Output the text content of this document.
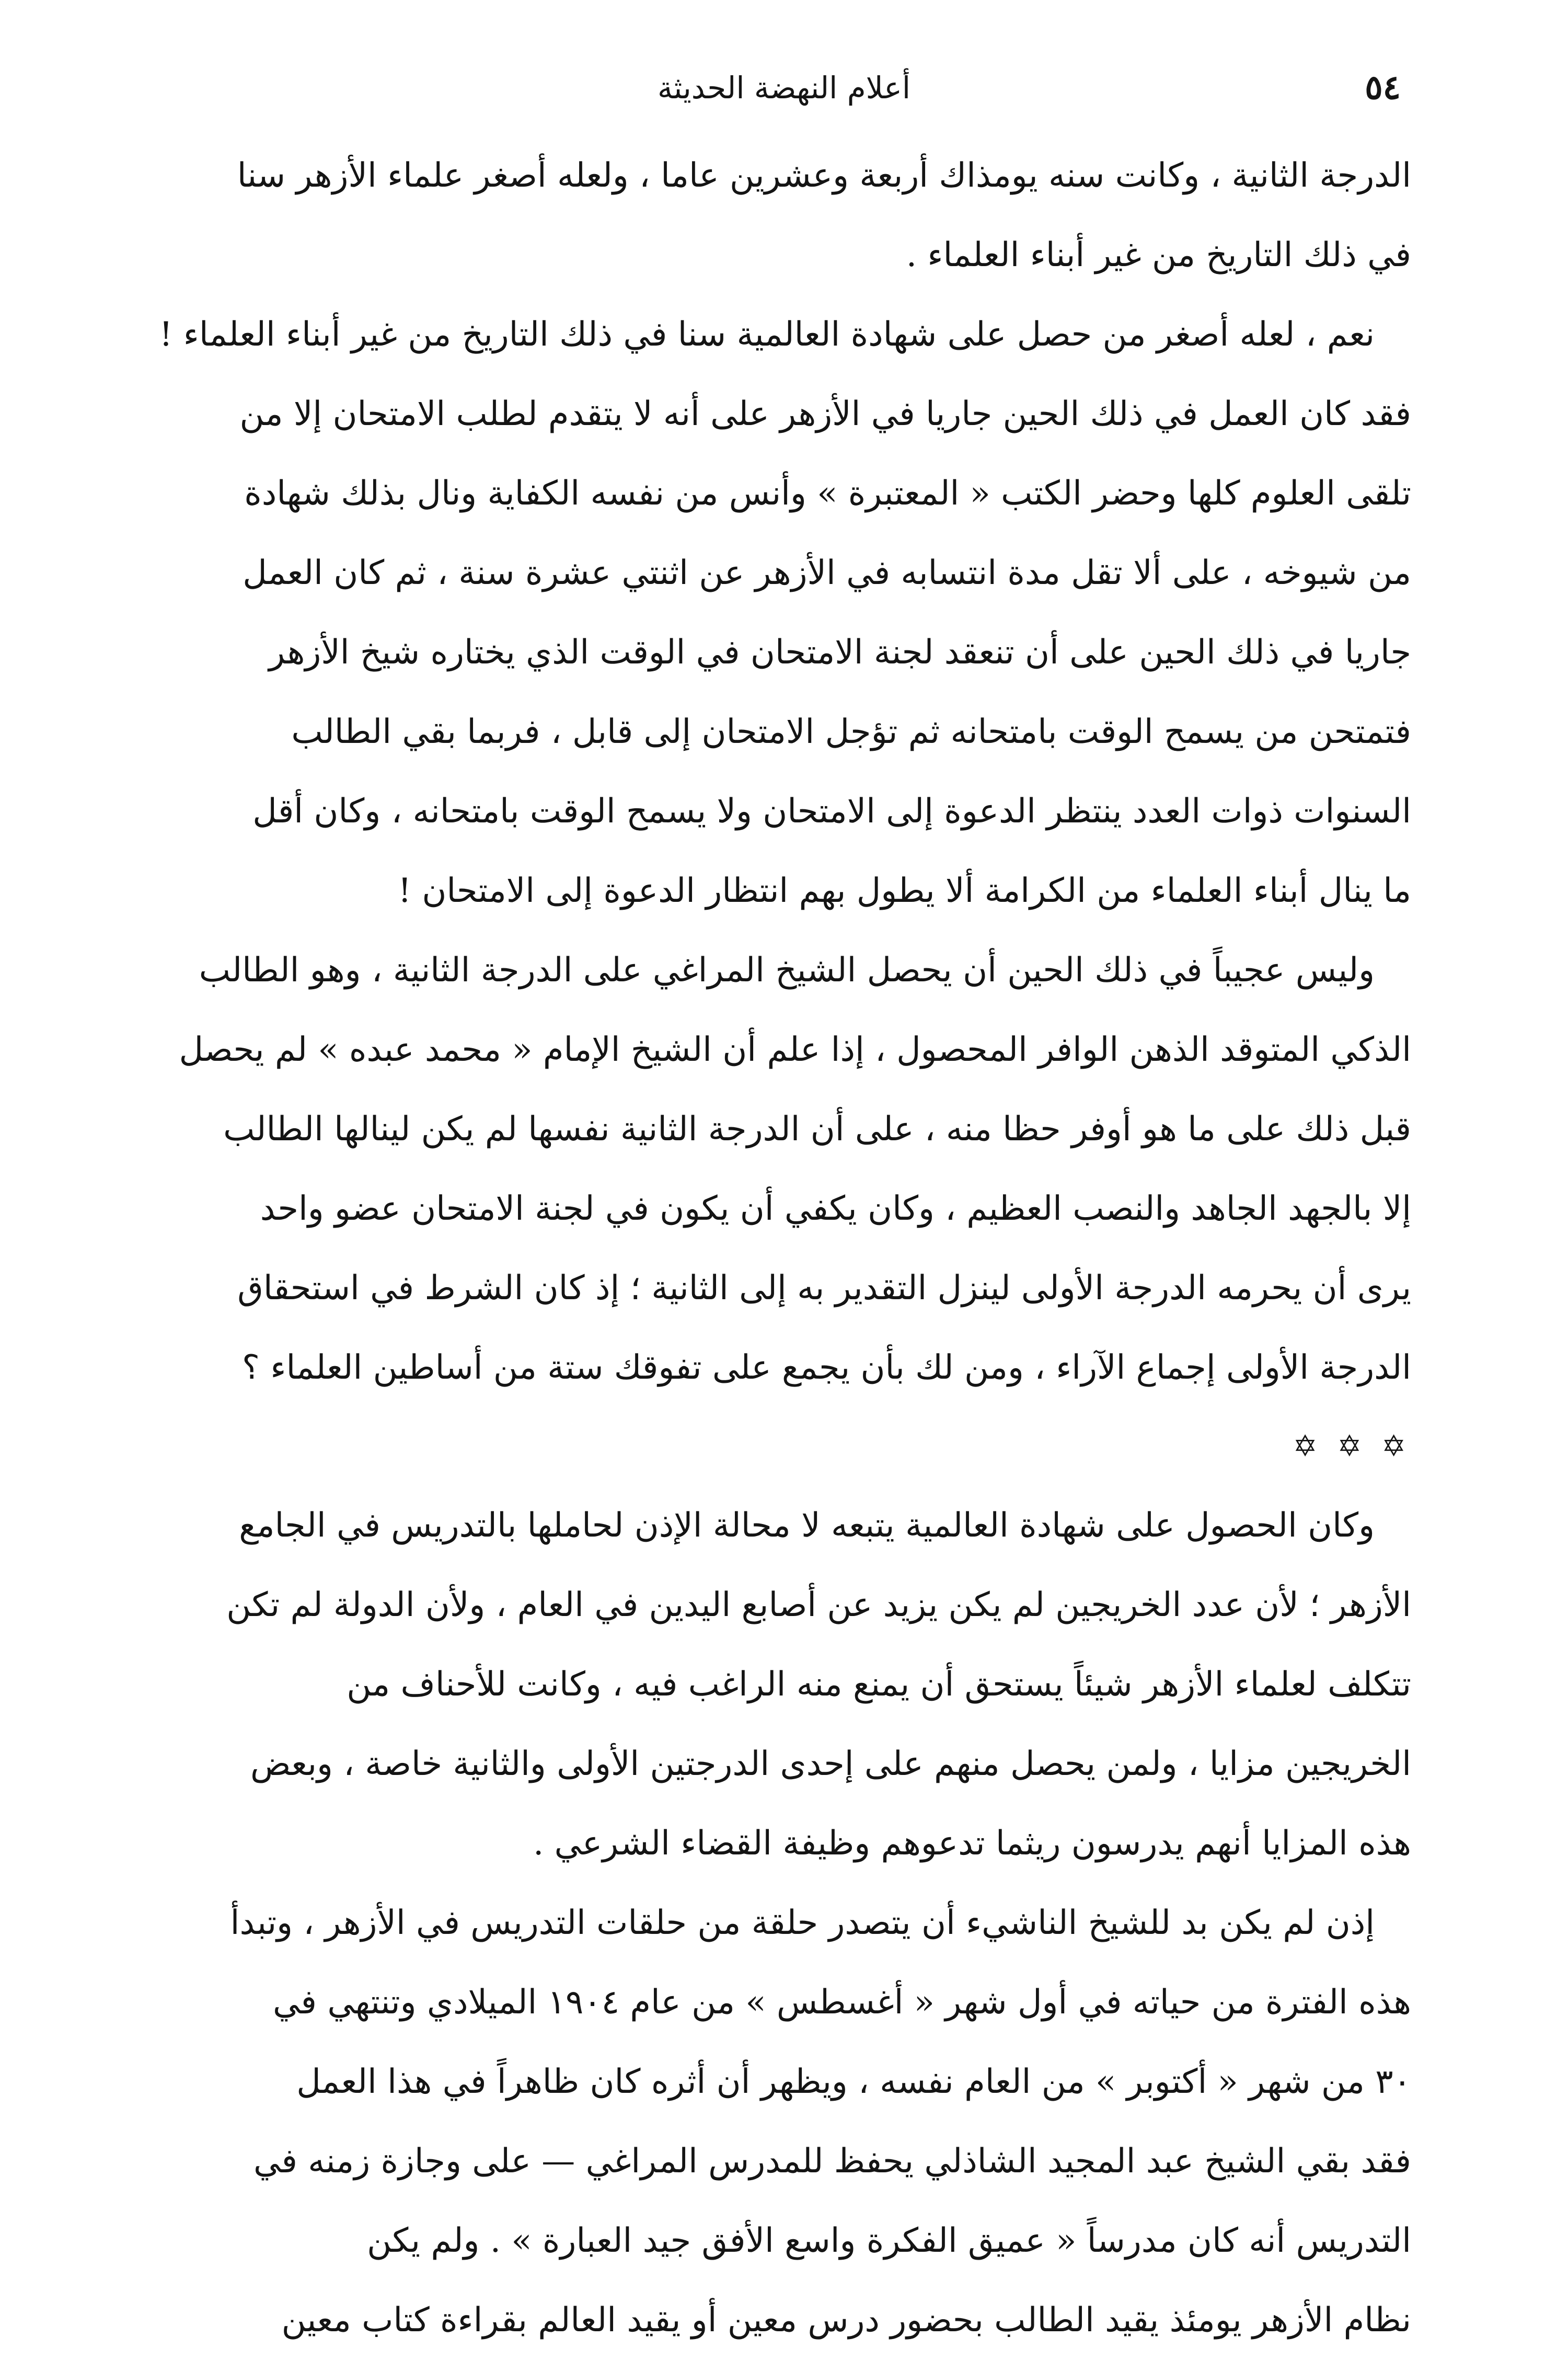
٥٤
أعلام النهضة الحديثة

الدرجة الثانية ، وكانت سنه يومذاك أربعة وعشرين عاما ، ولعله أصغر علماء الأزهر سنا
في ذلك التاريخ من غير أبناء العلماء .

نعم ، لعله أصغر من حصل على شهادة العالمية سنا في ذلك التاريخ من غير أبناء العلماء !
فقد كان العمل في ذلك الحين جاريا في الأزهر على أنه لا يتقدم لطلب الامتحان إلا من
تلقى العلوم كلها وحضر الكتب « المعتبرة » وأنس من نفسه الكفاية ونال بذلك شهادة
من شيوخه ، على ألا تقل مدة انتسابه في الأزهر عن اثنتي عشرة سنة ، ثم كان العمل
جاريا في ذلك الحين على أن تنعقد لجنة الامتحان في الوقت الذي يختاره شيخ الأزهر
فتمتحن من يسمح الوقت بامتحانه ثم تؤجل الامتحان إلى قابل ، فربما بقي الطالب
السنوات ذوات العدد ينتظر الدعوة إلى الامتحان ولا يسمح الوقت بامتحانه ، وكان أقل
ما ينال أبناء العلماء من الكرامة ألا يطول بهم انتظار الدعوة إلى الامتحان !

وليس عجيباً في ذلك الحين أن يحصل الشيخ المراغي على الدرجة الثانية ، وهو الطالب
الذكي المتوقد الذهن الوافر المحصول ، إذا علم أن الشيخ الإمام « محمد عبده » لم يحصل
قبل ذلك على ما هو أوفر حظا منه ، على أن الدرجة الثانية نفسها لم يكن لينالها الطالب
إلا بالجهد الجاهد والنصب العظيم ، وكان يكفي أن يكون في لجنة الامتحان عضو واحد
يرى أن يحرمه الدرجة الأولى لينزل التقدير به إلى الثانية ؛ إذ كان الشرط في استحقاق
الدرجة الأولى إجماع الآراء ، ومن لك بأن يجمع على تفوقك ستة من أساطين العلماء ؟

✡ ✡ ✡

وكان الحصول على شهادة العالمية يتبعه لا محالة الإذن لحاملها بالتدريس في الجامع
الأزهر ؛ لأن عدد الخريجين لم يكن يزيد عن أصابع اليدين في العام ، ولأن الدولة لم تكن
تتكلف لعلماء الأزهر شيئاً يستحق أن يمنع منه الراغب فيه ، وكانت للأحناف من
الخريجين مزايا ، ولمن يحصل منهم على إحدى الدرجتين الأولى والثانية خاصة ، وبعض
هذه المزايا أنهم يدرسون ريثما تدعوهم وظيفة القضاء الشرعي .

إذن لم يكن بد للشيخ الناشيء أن يتصدر حلقة من حلقات التدريس في الأزهر ، وتبدأ
هذه الفترة من حياته في أول شهر « أغسطس » من عام ١٩٠٤ الميلادي وتنتهي في
٣٠ من شهر « أكتوبر » من العام نفسه ، ويظهر أن أثره كان ظاهراً في هذا العمل
فقد بقي الشيخ عبد المجيد الشاذلي يحفظ للمدرس المراغي — على وجازة زمنه في
التدريس أنه كان مدرساً « عميق الفكرة واسع الأفق جيد العبارة » . ولم يكن
نظام الأزهر يومئذ يقيد الطالب بحضور درس معين أو يقيد العالم بقراءة كتاب معين
